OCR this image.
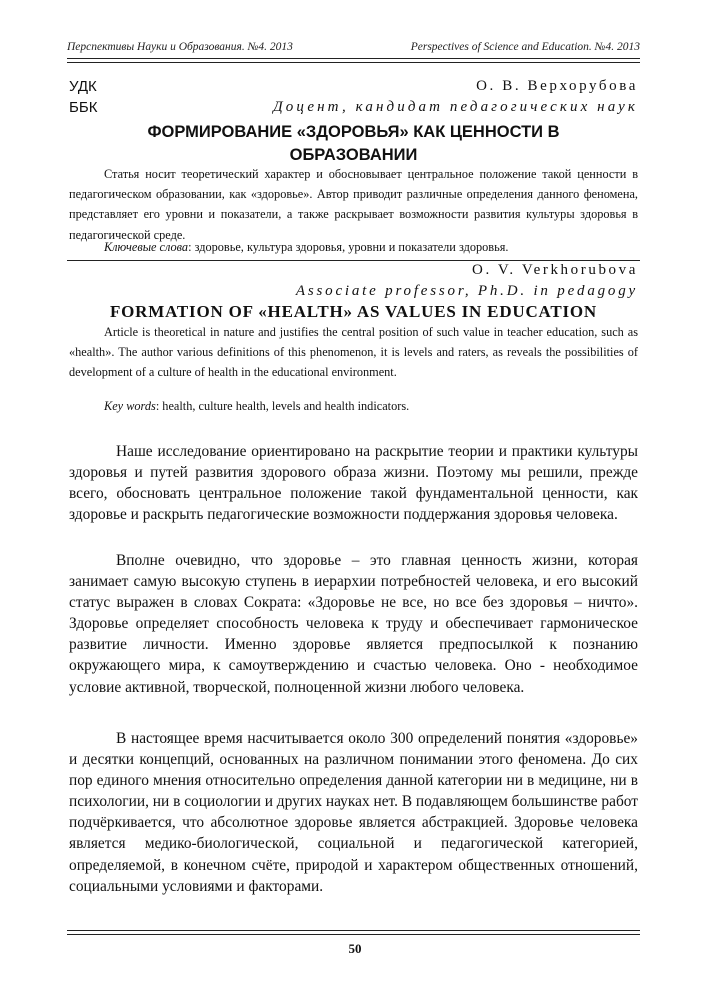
Перспективы Науки и Образования. №4. 2013	Perspectives of Science and Education. №4. 2013
УДК
ББК
О. В. Верхорубова
Доцент, кандидат педагогических наук
ФОРМИРОВАНИЕ «ЗДОРОВЬЯ» КАК ЦЕННОСТИ В
ОБРАЗОВАНИИ

Статья носит теоретический характер и обосновывает центральное положение такой ценности в педагогическом образовании, как «здоровье». Автор приводит различные определения данного феномена, представляет его уровни и показатели, а также раскрывает возможности развития культуры здоровья в педагогической среде.

Ключевые слова: здоровье, культура здоровья, уровни и показатели здоровья.
O. V. Verkhorubova
Associate professor, Ph.D. in pedagogy
FORMATION OF «HEALTH» AS VALUES IN EDUCATION

Article is theoretical in nature and justifies the central position of such value in teacher education, such as «health». The author various definitions of this phenomenon, it is levels and raters, as reveals the possibilities of development of a culture of health in the educational environment.

Key words: health, culture health, levels and health indicators.

Наше исследование ориентировано на раскрытие теории и практики культуры здоровья и путей развития здорового образа жизни. Поэтому мы решили, прежде всего, обосновать центральное положение такой фундаментальной ценности, как здоровье и раскрыть педагогические возможности поддержания здоровья человека.

Вполне очевидно, что здоровье – это главная ценность жизни, которая занимает самую высокую ступень в иерархии потребностей человека, и его высокий статус выражен в словах Сократа: «Здоровье не все, но все без здоровья – ничто». Здоровье определяет способность человека к труду и обеспечивает гармоническое развитие личности. Именно здоровье является предпосылкой к познанию окружающего мира, к самоутверждению и счастью человека. Оно - необходимое условие активной, творческой, полноценной жизни любого человека.

В настоящее время насчитывается около 300 определений понятия «здоровье» и десятки концепций, основанных на различном понимании этого феномена. До сих пор единого мнения относительно определения данной категории ни в медицине, ни в психологии, ни в социологии и других науках нет. В подавляющем большинстве работ подчёркивается, что абсолютное здоровье является абстракцией. Здоровье человека является медико-биологической, социальной и педагогической категорией, определяемой, в конечном счёте, природой и характером общественных отношений, социальными условиями и факторами.

50
